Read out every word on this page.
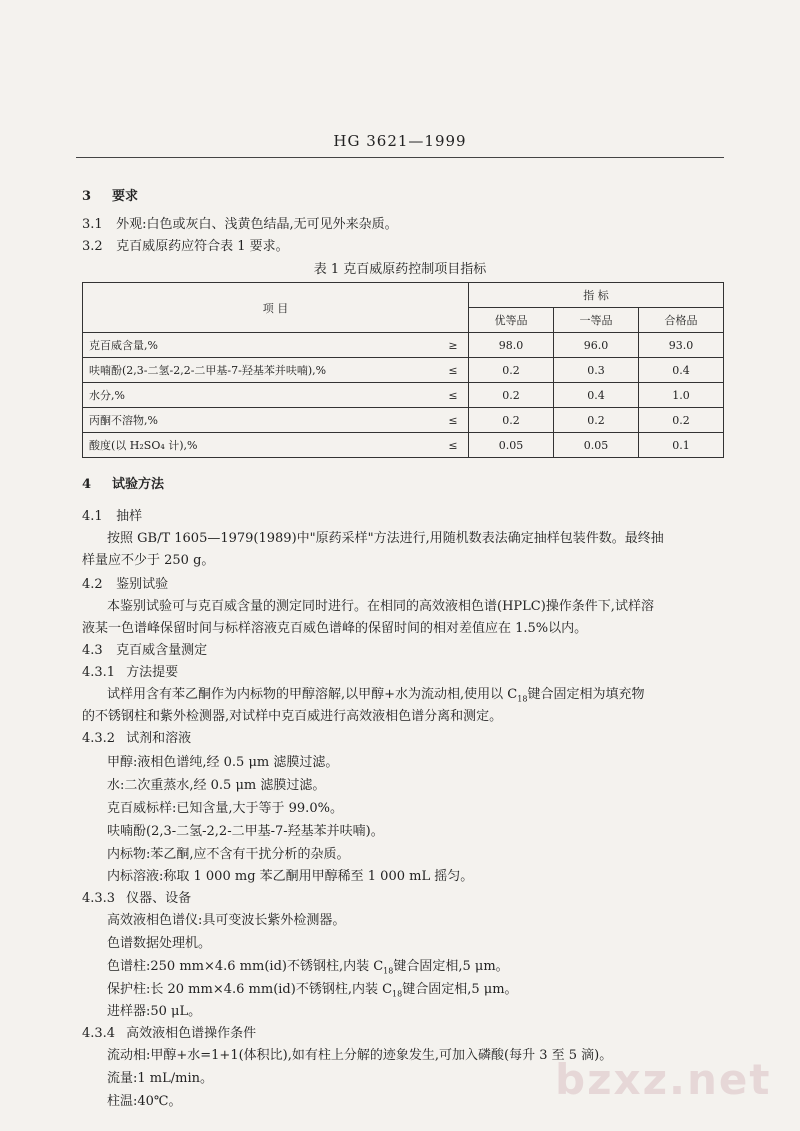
HG 3621—1999
3 要求
3.1 外观:白色或灰白、浅黄色结晶,无可见外来杂质。
3.2 克百威原药应符合表 1 要求。
表 1 克百威原药控制项目指标
项 目		指 标		
		优等品	一等品	合格品
克百威含量,%	≥	98.0	96.0	93.0
呋喃酚(2,3-二氢-2,2-二甲基-7-羟基苯并呋喃),%	≤	0.2	0.3	0.4
水分,%	≤	0.2	0.4	1.0
丙酮不溶物,%	≤	0.2	0.2	0.2
酸度(以 H₂SO₄ 计),%	≤	0.05	0.05	0.1
4 试验方法
4.1 抽样
按照 GB/T 1605—1979(1989)中"原药采样"方法进行,用随机数表法确定抽样包装件数。最终抽
样量应不少于 250 g。
4.2 鉴别试验
本鉴别试验可与克百威含量的测定同时进行。在相同的高效液相色谱(HPLC)操作条件下,试样溶
液某一色谱峰保留时间与标样溶液克百威色谱峰的保留时间的相对差值应在 1.5%以内。
4.3 克百威含量测定
4.3.1 方法提要
试样用含有苯乙酮作为内标物的甲醇溶解,以甲醇+水为流动相,使用以 $C_{18}$键合固定相为填充物
的不锈钢柱和紫外检测器,对试样中克百威进行高效液相色谱分离和测定。
4.3.2 试剂和溶液
甲醇:液相色谱纯,经 0.5 μm 滤膜过滤。
水:二次重蒸水,经 0.5 μm 滤膜过滤。
克百威标样:已知含量,大于等于 99.0%。
呋喃酚(2,3-二氢-2,2-二甲基-7-羟基苯并呋喃)。
内标物:苯乙酮,应不含有干扰分析的杂质。
内标溶液:称取 1 000 mg 苯乙酮用甲醇稀至 1 000 mL 摇匀。
4.3.3 仪器、设备
高效液相色谱仪:具可变波长紫外检测器。
色谱数据处理机。
色谱柱:250 mm×4.6 mm(id)不锈钢柱,内装 $C_{18}$键合固定相,5 μm。
保护柱:长 20 mm×4.6 mm(id)不锈钢柱,内装 $C_{18}$键合固定相,5 μm。
进样器:50 μL。
4.3.4 高效液相色谱操作条件
流动相:甲醇+水=1+1(体积比),如有柱上分解的迹象发生,可加入磷酸(每升 3 至 5 滴)。
流量:1 mL/min。
柱温:40℃。	bzxz.net
